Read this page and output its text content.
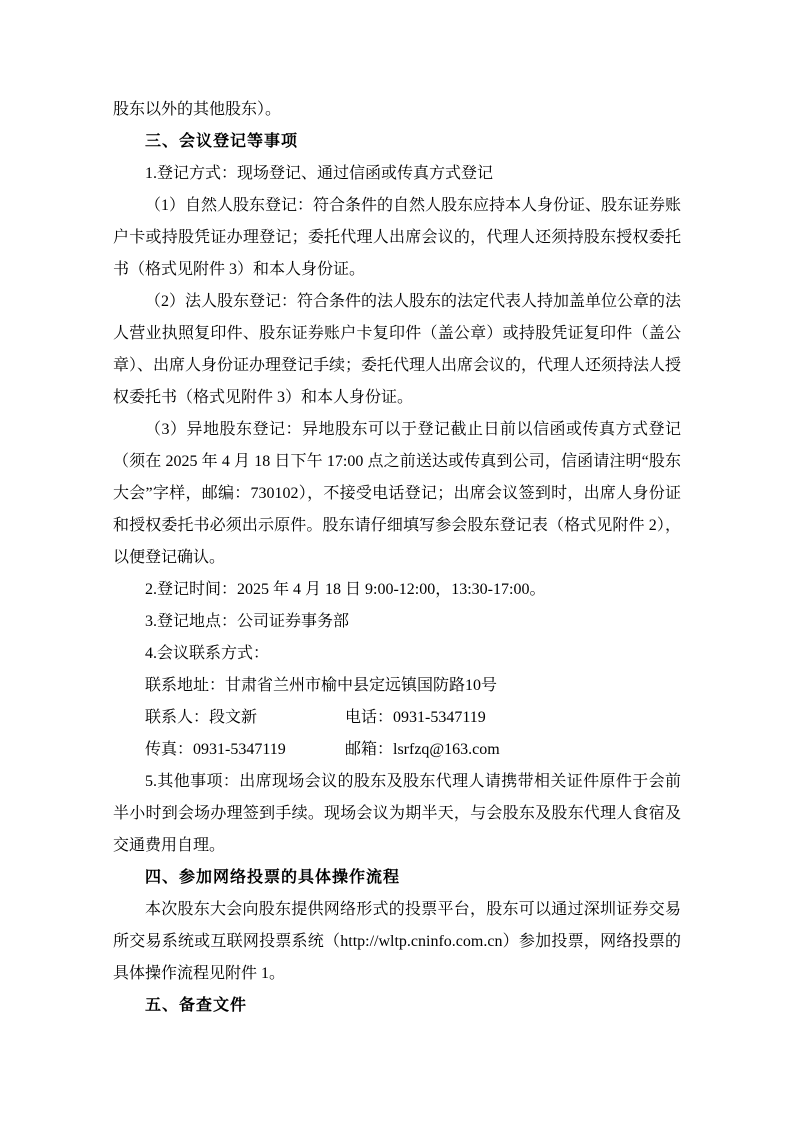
股东以外的其他股东）。

三、会议登记等事项

1.登记方式：现场登记、通过信函或传真方式登记

（1）自然人股东登记：符合条件的自然人股东应持本人身份证、股东证券账户卡或持股凭证办理登记；委托代理人出席会议的，代理人还须持股东授权委托书（格式见附件 3）和本人身份证。

（2）法人股东登记：符合条件的法人股东的法定代表人持加盖单位公章的法人营业执照复印件、股东证券账户卡复印件（盖公章）或持股凭证复印件（盖公章）、出席人身份证办理登记手续；委托代理人出席会议的，代理人还须持法人授权委托书（格式见附件 3）和本人身份证。

（3）异地股东登记：异地股东可以于登记截止日前以信函或传真方式登记（须在 2025 年 4 月 18 日下午 17:00 点之前送达或传真到公司，信函请注明“股东大会”字样，邮编：730102），不接受电话登记；出席会议签到时，出席人身份证和授权委托书必须出示原件。股东请仔细填写参会股东登记表（格式见附件 2），以便登记确认。

2.登记时间：2025 年 4 月 18 日 9:00-12:00，13:30-17:00。

3.登记地点：公司证券事务部

4.会议联系方式：

联系地址：甘肃省兰州市榆中县定远镇国防路10号

联系人：段文新	电话：0931-5347119
传真：0931-5347119	邮箱：lsrfzq@163.com

5.其他事项：出席现场会议的股东及股东代理人请携带相关证件原件于会前半小时到会场办理签到手续。现场会议为期半天，与会股东及股东代理人食宿及交通费用自理。

四、参加网络投票的具体操作流程

本次股东大会向股东提供网络形式的投票平台，股东可以通过深圳证券交易所交易系统或互联网投票系统（http://wltp.cninfo.com.cn）参加投票，网络投票的具体操作流程见附件 1。

五、备查文件
